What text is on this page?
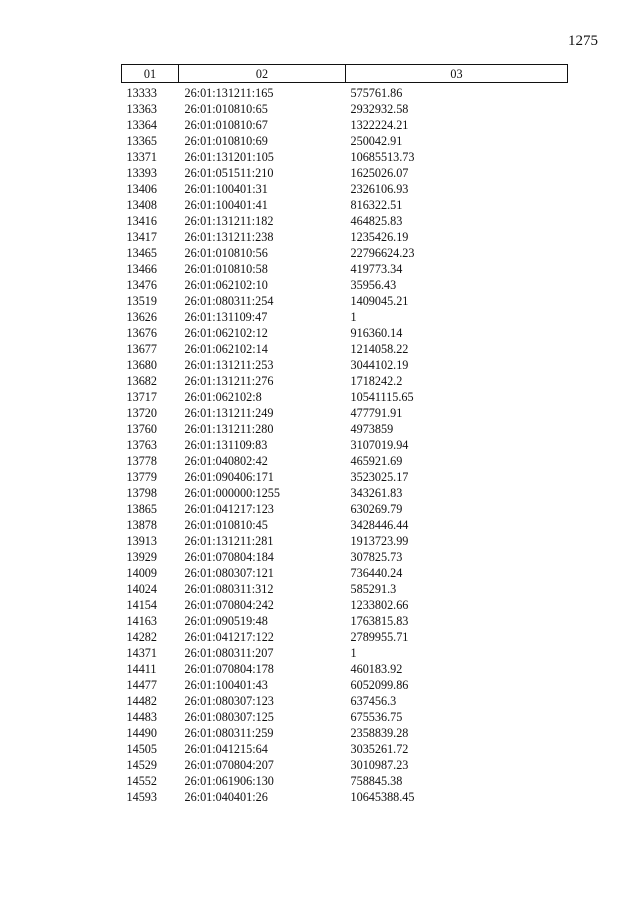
1275
01	02	03
13333	26:01:131211:165	575761.86
13363	26:01:010810:65	2932932.58
13364	26:01:010810:67	1322224.21
13365	26:01:010810:69	250042.91
13371	26:01:131201:105	10685513.73
13393	26:01:051511:210	1625026.07
13406	26:01:100401:31	2326106.93
13408	26:01:100401:41	816322.51
13416	26:01:131211:182	464825.83
13417	26:01:131211:238	1235426.19
13465	26:01:010810:56	22796624.23
13466	26:01:010810:58	419773.34
13476	26:01:062102:10	35956.43
13519	26:01:080311:254	1409045.21
13626	26:01:131109:47	1
13676	26:01:062102:12	916360.14
13677	26:01:062102:14	1214058.22
13680	26:01:131211:253	3044102.19
13682	26:01:131211:276	1718242.2
13717	26:01:062102:8	10541115.65
13720	26:01:131211:249	477791.91
13760	26:01:131211:280	4973859
13763	26:01:131109:83	3107019.94
13778	26:01:040802:42	465921.69
13779	26:01:090406:171	3523025.17
13798	26:01:000000:1255	343261.83
13865	26:01:041217:123	630269.79
13878	26:01:010810:45	3428446.44
13913	26:01:131211:281	1913723.99
13929	26:01:070804:184	307825.73
14009	26:01:080307:121	736440.24
14024	26:01:080311:312	585291.3
14154	26:01:070804:242	1233802.66
14163	26:01:090519:48	1763815.83
14282	26:01:041217:122	2789955.71
14371	26:01:080311:207	1
14411	26:01:070804:178	460183.92
14477	26:01:100401:43	6052099.86
14482	26:01:080307:123	637456.3
14483	26:01:080307:125	675536.75
14490	26:01:080311:259	2358839.28
14505	26:01:041215:64	3035261.72
14529	26:01:070804:207	3010987.23
14552	26:01:061906:130	758845.38
14593	26:01:040401:26	10645388.45
